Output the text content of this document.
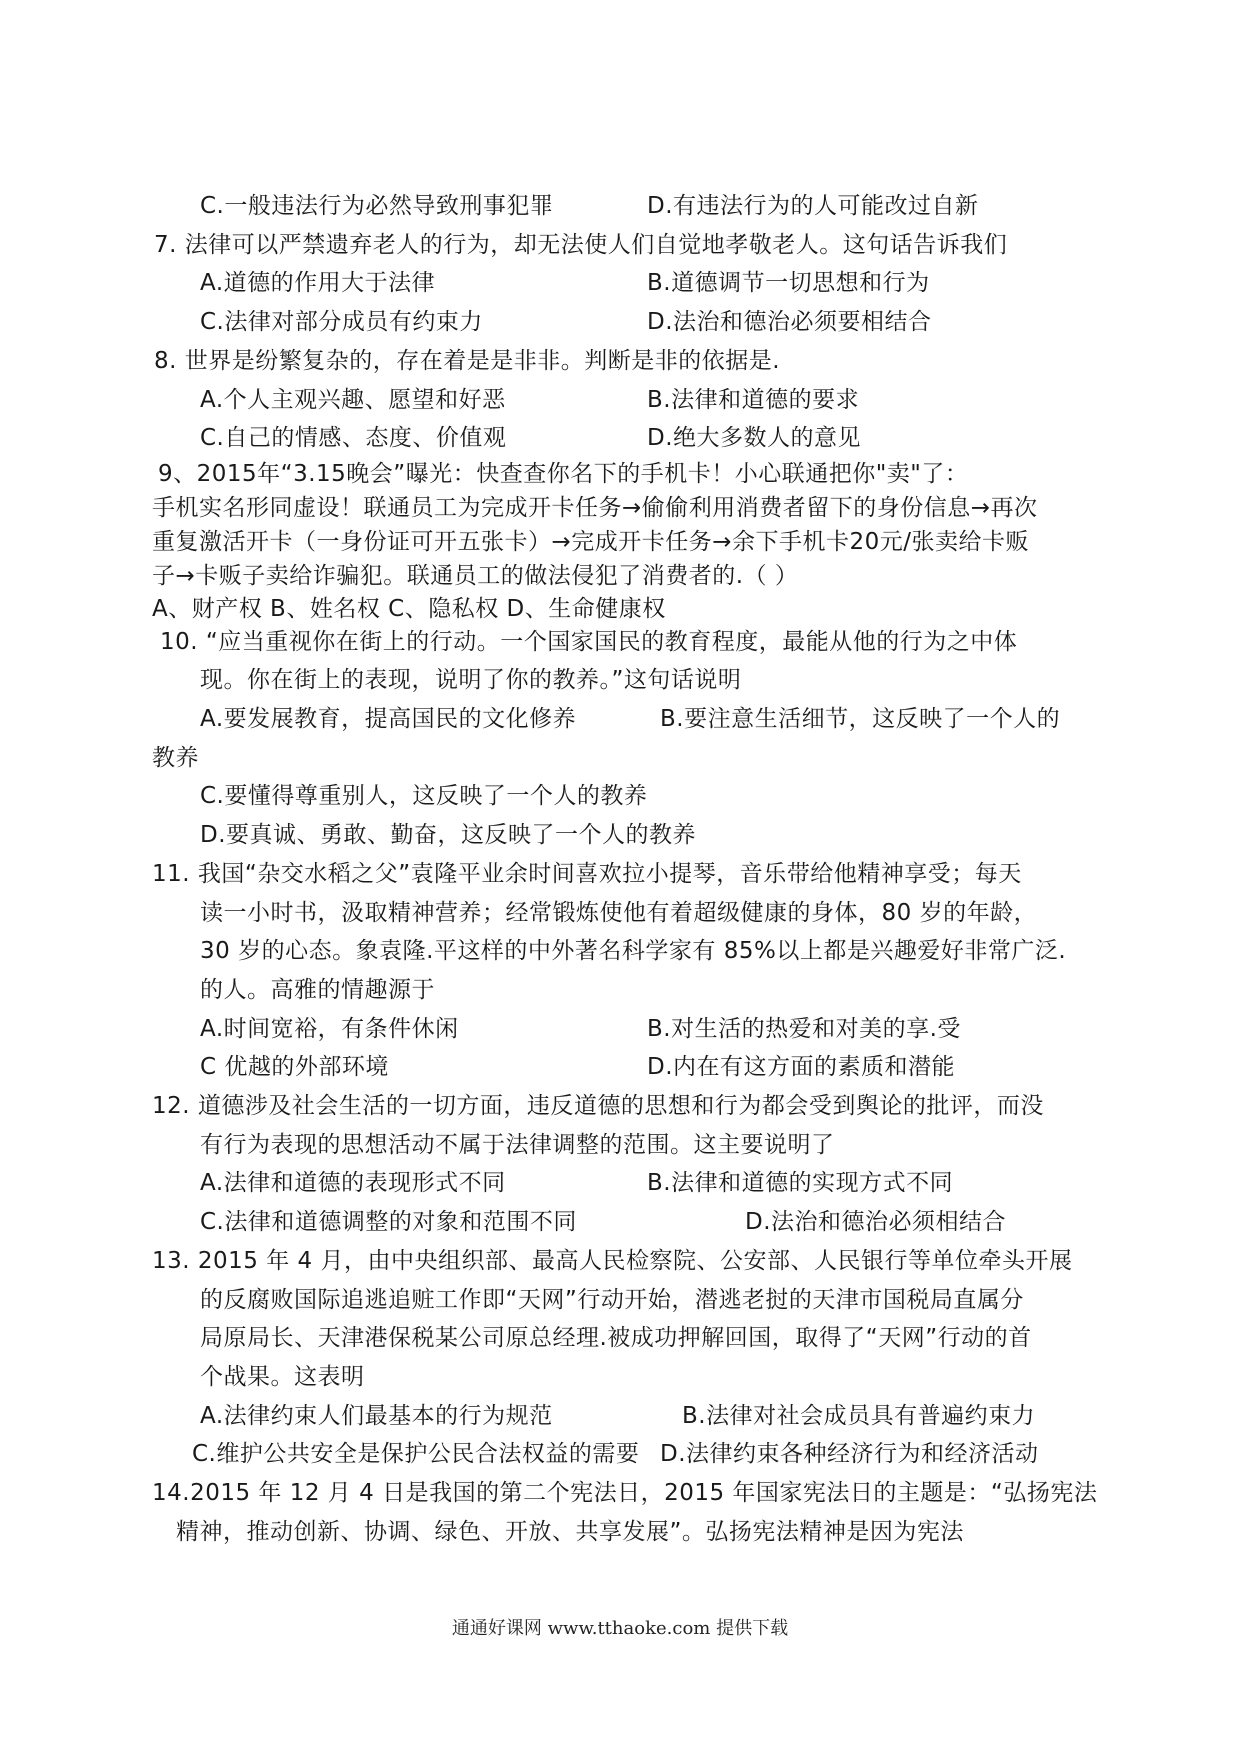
C.一般违法行为必然导致刑事犯罪	D.有违法行为的人可能改过自新
7. 法律可以严禁遗弃老人的行为，却无法使人们自觉地孝敬老人。这句话告诉我们
A.道德的作用大于法律	B.道德调节一切思想和行为
C.法律对部分成员有约束力	D.法治和德治必须要相结合
8. 世界是纷繁复杂的，存在着是是非非。判断是非的依据是.
A.个人主观兴趣、愿望和好恶	B.法律和道德的要求
C.自己的情感、态度、价值观	D.绝大多数人的意见
9、2015年“3.15晚会”曝光：快查查你名下的手机卡！小心联通把你"卖"了：
手机实名形同虚设！联通员工为完成开卡任务→偷偷利用消费者留下的身份信息→再次
重复激活开卡（一身份证可开五张卡）→完成开卡任务→余下手机卡20元/张卖给卡贩
子→卡贩子卖给诈骗犯。联通员工的做法侵犯了消费者的.（ ）
A、财产权 B、姓名权 C、隐私权 D、生命健康权
10. “应当重视你在街上的行动。一个国家国民的教育程度，最能从他的行为之中体
现。你在街上的表现，说明了你的教养。”这句话说明
A.要发展教育，提高国民的文化修养	B.要注意生活细节，这反映了一个人的
教养
C.要懂得尊重别人，这反映了一个人的教养
D.要真诚、勇敢、勤奋，这反映了一个人的教养
11. 我国“杂交水稻之父”袁隆平业余时间喜欢拉小提琴，音乐带给他精神享受；每天
读一小时书，汲取精神营养；经常锻炼使他有着超级健康的身体，80 岁的年龄，
30 岁的心态。象袁隆.平这样的中外著名科学家有 85%以上都是兴趣爱好非常广泛.
的人。高雅的情趣源于
A.时间宽裕，有条件休闲	B.对生活的热爱和对美的享.受
C 优越的外部环境	D.内在有这方面的素质和潜能
12. 道德涉及社会生活的一切方面，违反道德的思想和行为都会受到舆论的批评，而没
有行为表现的思想活动不属于法律调整的范围。这主要说明了
A.法律和道德的表现形式不同	B.法律和道德的实现方式不同
C.法律和道德调整的对象和范围不同	D.法治和德治必须相结合
13. 2015 年 4 月，由中央组织部、最高人民检察院、公安部、人民银行等单位牵头开展
的反腐败国际追逃追赃工作即“天网”行动开始，潜逃老挝的天津市国税局直属分
局原局长、天津港保税某公司原总经理.被成功押解回国，取得了“天网”行动的首
个战果。这表明
A.法律约束人们最基本的行为规范	B.法律对社会成员具有普遍约束力
C.维护公共安全是保护公民合法权益的需要 D.法律约束各种经济行为和经济活动
14.2015 年 12 月 4 日是我国的第二个宪法日，2015 年国家宪法日的主题是：“弘扬宪法
精神，推动创新、协调、绿色、开放、共享发展”。弘扬宪法精神是因为宪法
通通好课网 www.tthaoke.com 提供下载
